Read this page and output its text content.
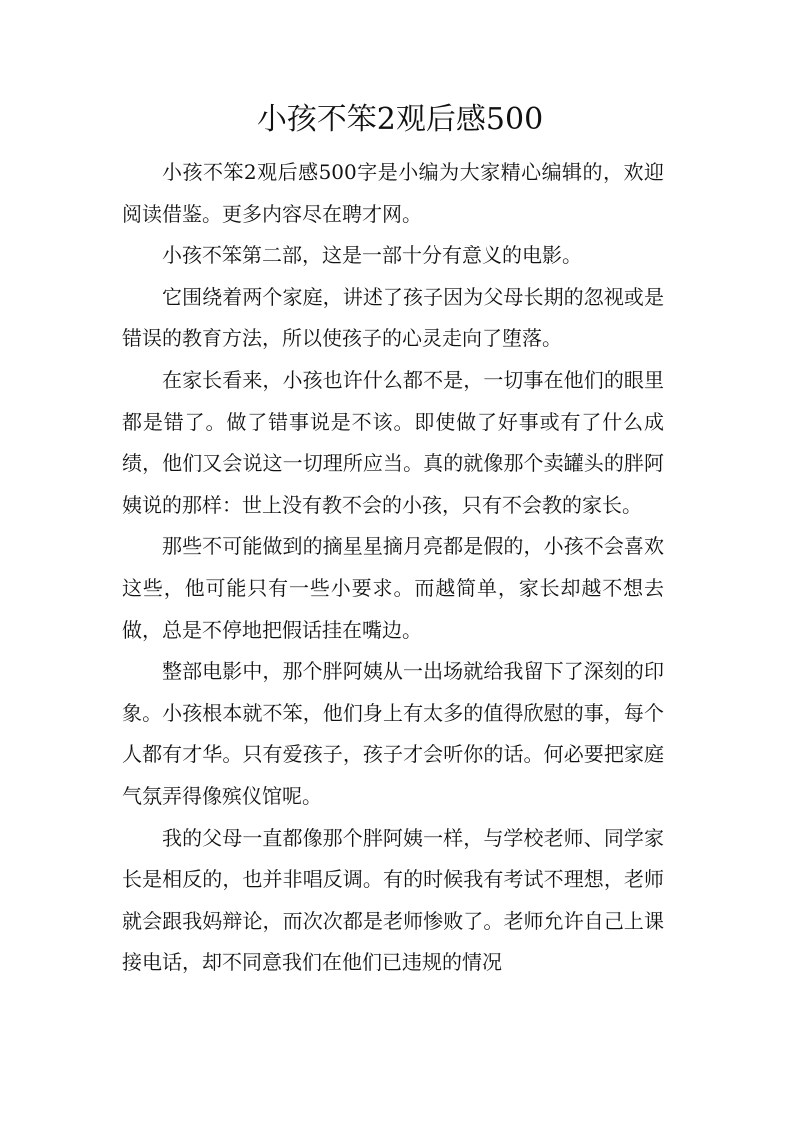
小孩不笨2观后感500

小孩不笨2观后感500字是小编为大家精心编辑的，欢迎阅读借鉴。更多内容尽在聘才网。

小孩不笨第二部，这是一部十分有意义的电影。

它围绕着两个家庭，讲述了孩子因为父母长期的忽视或是错误的教育方法，所以使孩子的心灵走向了堕落。

在家长看来，小孩也许什么都不是，一切事在他们的眼里都是错了。做了错事说是不该。即使做了好事或有了什么成绩，他们又会说这一切理所应当。真的就像那个卖罐头的胖阿姨说的那样：世上没有教不会的小孩，只有不会教的家长。

那些不可能做到的摘星星摘月亮都是假的，小孩不会喜欢这些，他可能只有一些小要求。而越简单，家长却越不想去做，总是不停地把假话挂在嘴边。

整部电影中，那个胖阿姨从一出场就给我留下了深刻的印象。小孩根本就不笨，他们身上有太多的值得欣慰的事，每个人都有才华。只有爱孩子，孩子才会听你的话。何必要把家庭气氛弄得像殡仪馆呢。

我的父母一直都像那个胖阿姨一样，与学校老师、同学家长是相反的，也并非唱反调。有的时候我有考试不理想，老师就会跟我妈辩论，而次次都是老师惨败了。老师允许自己上课接电话，却不同意我们在他们已违规的情况
